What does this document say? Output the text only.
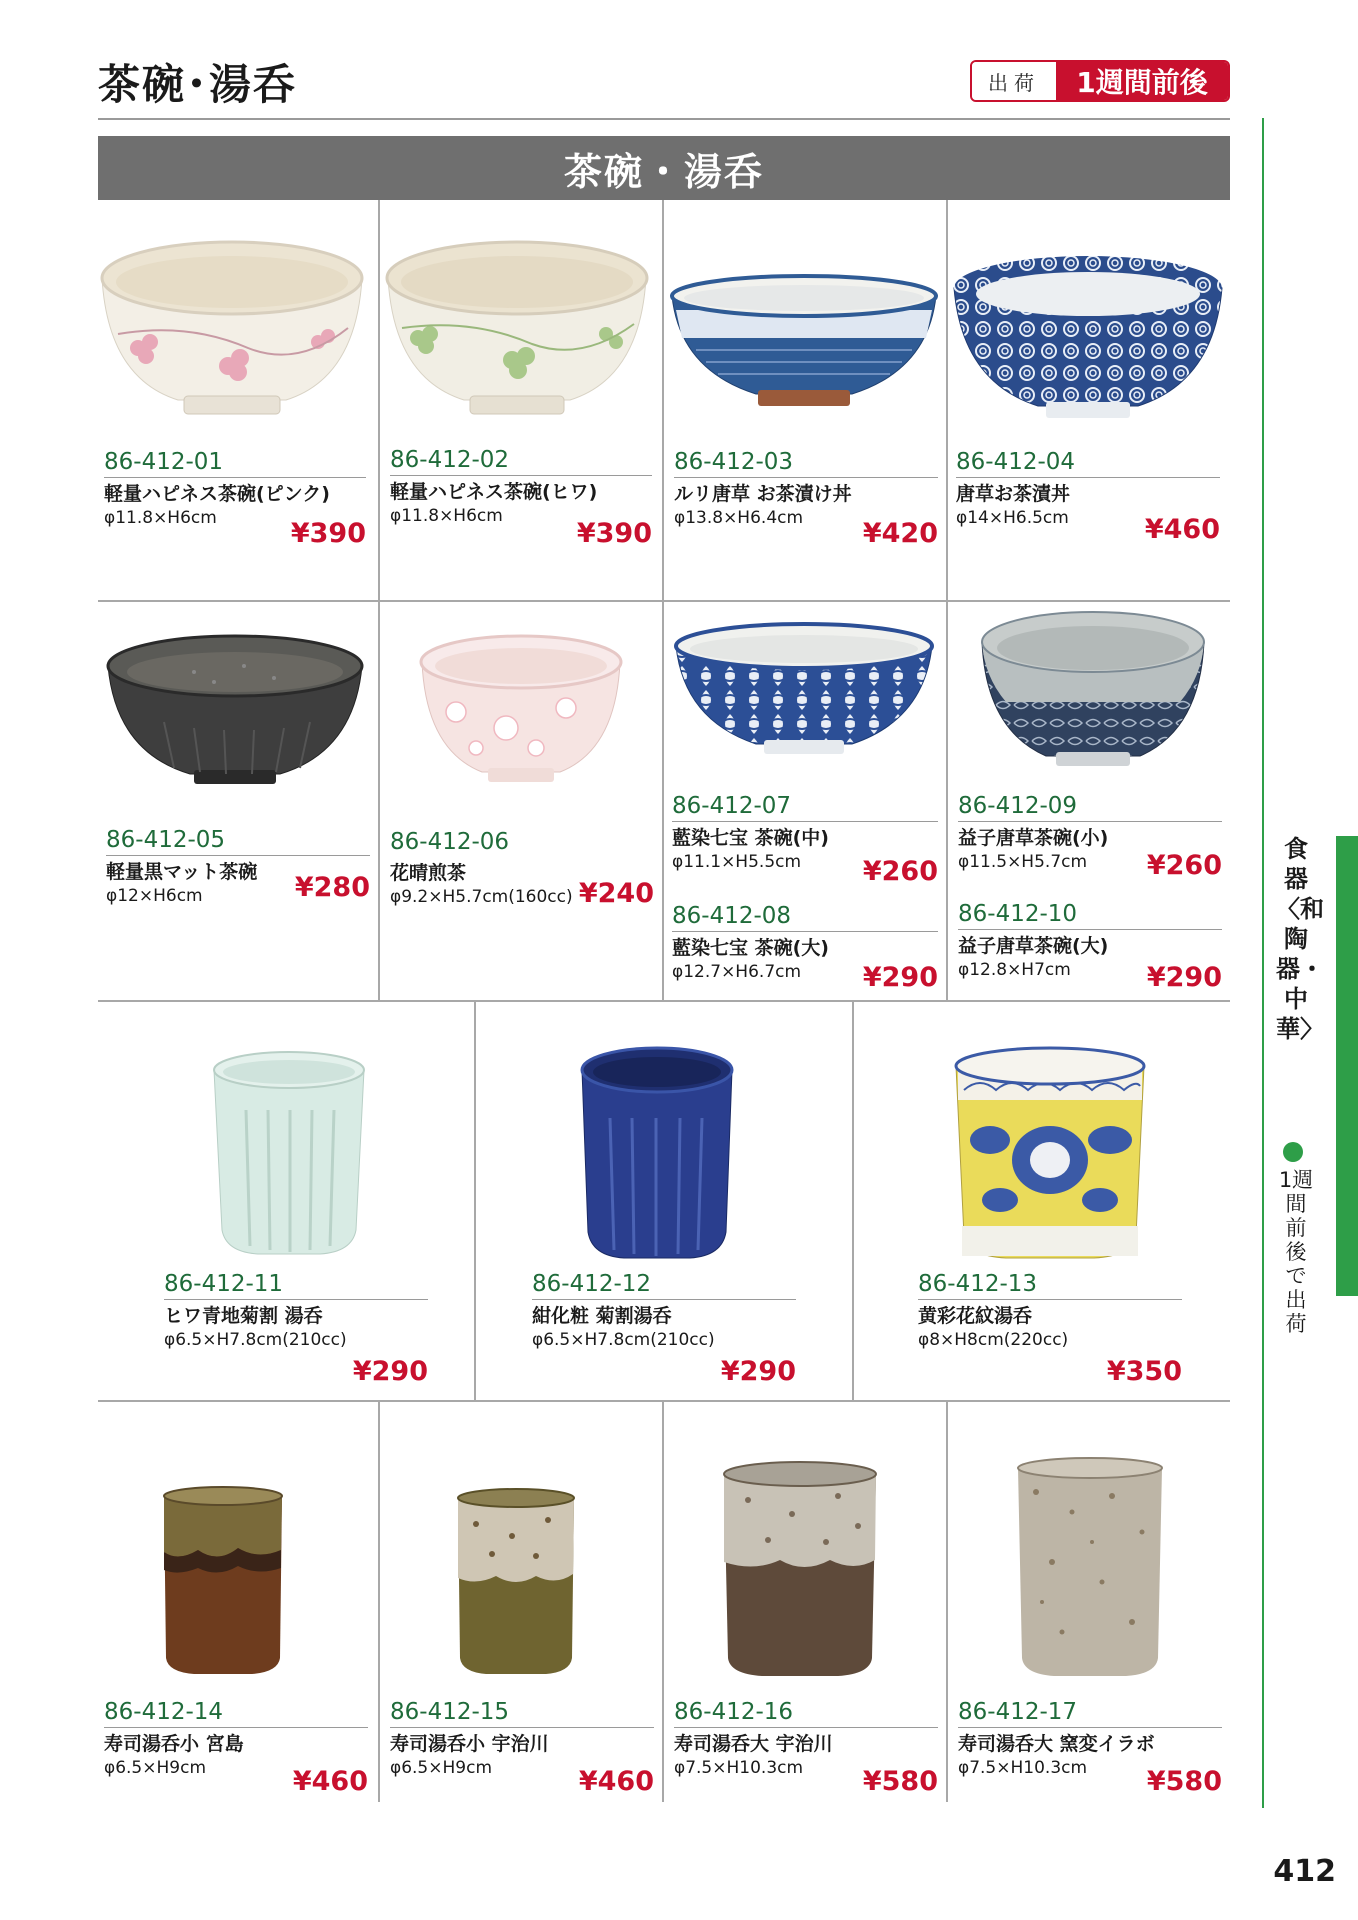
茶碗･湯呑	出荷	1週間前後
茶碗・湯呑
86-412-01
軽量ハピネス茶碗(ピンク)
φ11.8×H6cm	¥390
86-412-02
軽量ハピネス茶碗(ヒワ)
φ11.8×H6cm
¥390
86-412-03
ルリ唐草 お茶漬け丼
φ13.8×H6.4cm	¥420
86-412-04
唐草お茶漬丼
φ14×H6.5cm	¥460
86-412-05
軽量黒マット茶碗
φ12×H6cm	¥280
86-412-06
花晴煎茶
φ9.2×H5.7cm(160cc) ¥240
86-412-07
藍染七宝 茶碗(中)
φ11.1×H5.5cm	¥260
86-412-08
藍染七宝 茶碗(大)
φ12.7×H6.7cm	¥290
86-412-09
益子唐草茶碗(小)
φ11.5×H5.7cm	¥260
86-412-10
益子唐草茶碗(大)
φ12.8×H7cm	¥290
86-412-11
ヒワ青地菊割 湯呑
φ6.5×H7.8cm(210cc)
¥290
86-412-12
紺化粧 菊割湯呑
φ6.5×H7.8cm(210cc)
¥290
86-412-13
黄彩花紋湯呑
φ8×H8cm(220cc)
¥350
86-412-14
寿司湯呑小 宮島
φ6.5×H9cm	¥460
86-412-15
寿司湯呑小 宇治川
φ6.5×H9cm	¥460
86-412-16
寿司湯呑大 宇治川
φ7.5×H10.3cm	¥580
86-412-17
寿司湯呑大 窯変イラボ
φ7.5×H10.3cm	¥580
食器〈和陶器・中華〉
1週間前後で出荷
412
